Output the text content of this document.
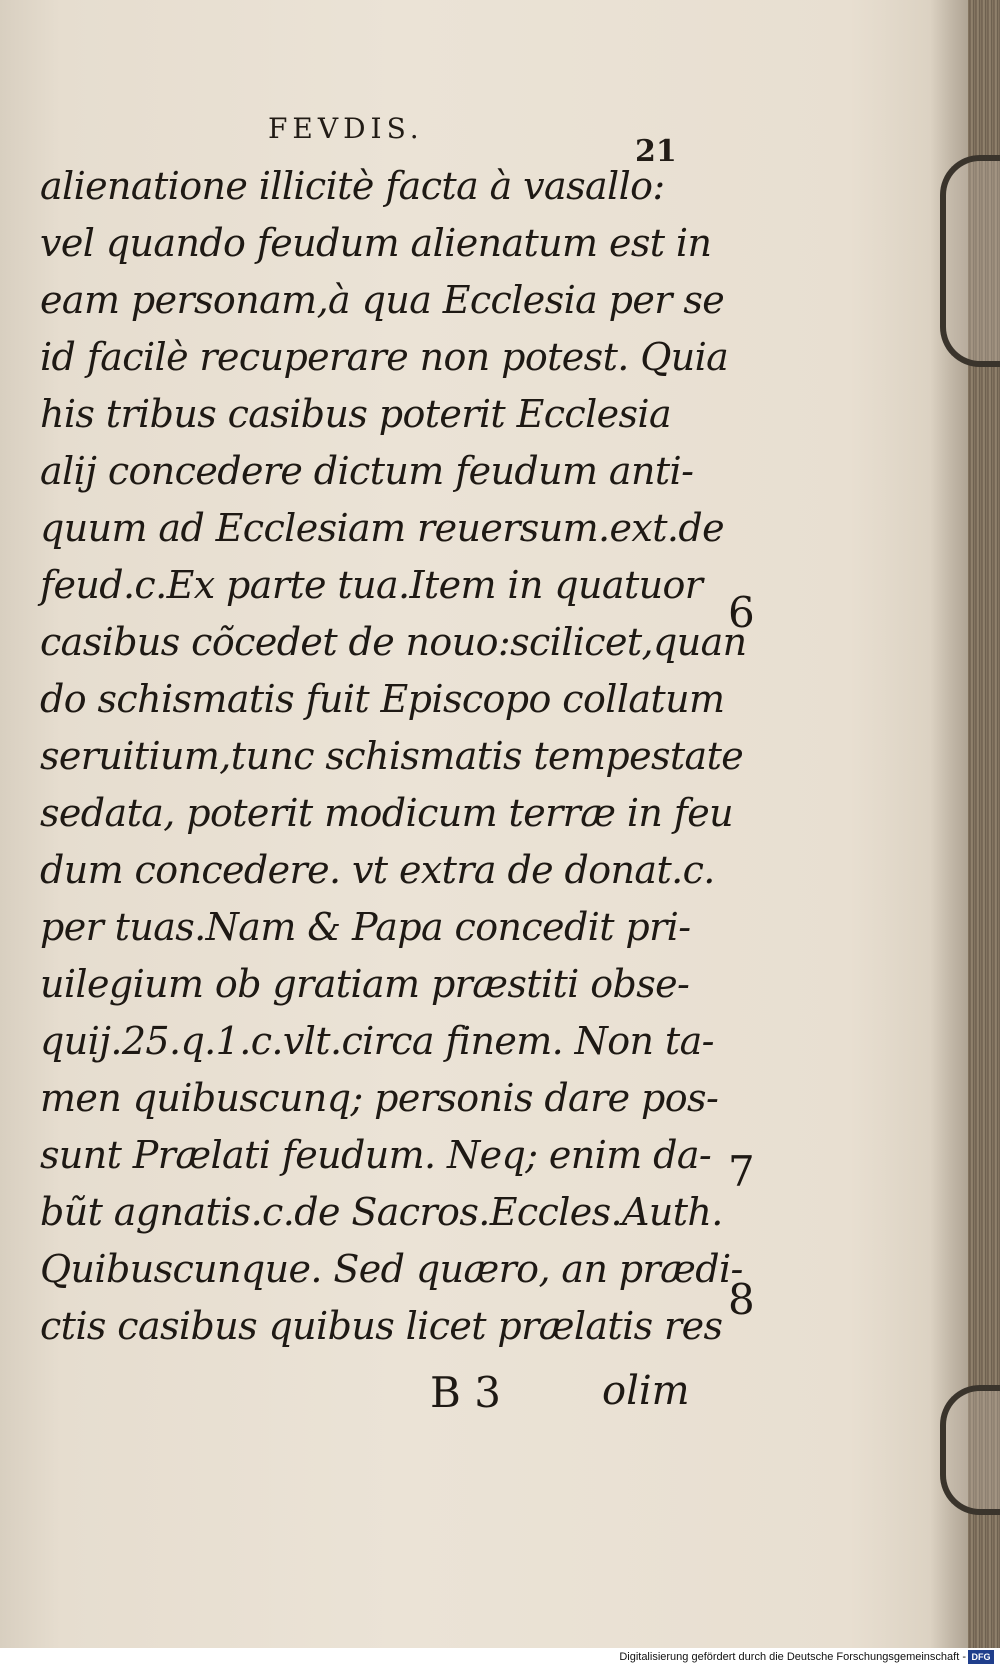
FEVDIS.
21
alienatione illicitè facta à vasallo:
vel quando feudum alienatum est in
eam personam,à qua Ecclesia per se
id facilè recuperare non potest. Quia
his tribus casibus poterit Ecclesia
alij concedere dictum feudum anti-
quum ad Ecclesiam reuersum.ext.de
feud.c.Ex parte tua.Item in quatuor
casibus cõcedet de nouo:scilicet,quan
do schismatis fuit Episcopo collatum
seruitium,tunc schismatis tempestate
sedata, poterit modicum terræ in feu
dum concedere. vt extra de donat.c.
per tuas.Nam & Papa concedit pri-
uilegium ob gratiam præstiti obse-
quij.25.q.1.c.vlt.circa finem. Non ta-
men quibuscunq; personis dare pos-
sunt Prælati feudum. Neq; enim da-
bũt agnatis.c.de Sacros.Eccles.Auth.
Quibuscunque. Sed quæro, an prædi-
ctis casibus quibus licet prælatis res
6
7
8
B 3	olim
Digitalisierung gefördert durch die Deutsche Forschungsgemeinschaft - DFG
